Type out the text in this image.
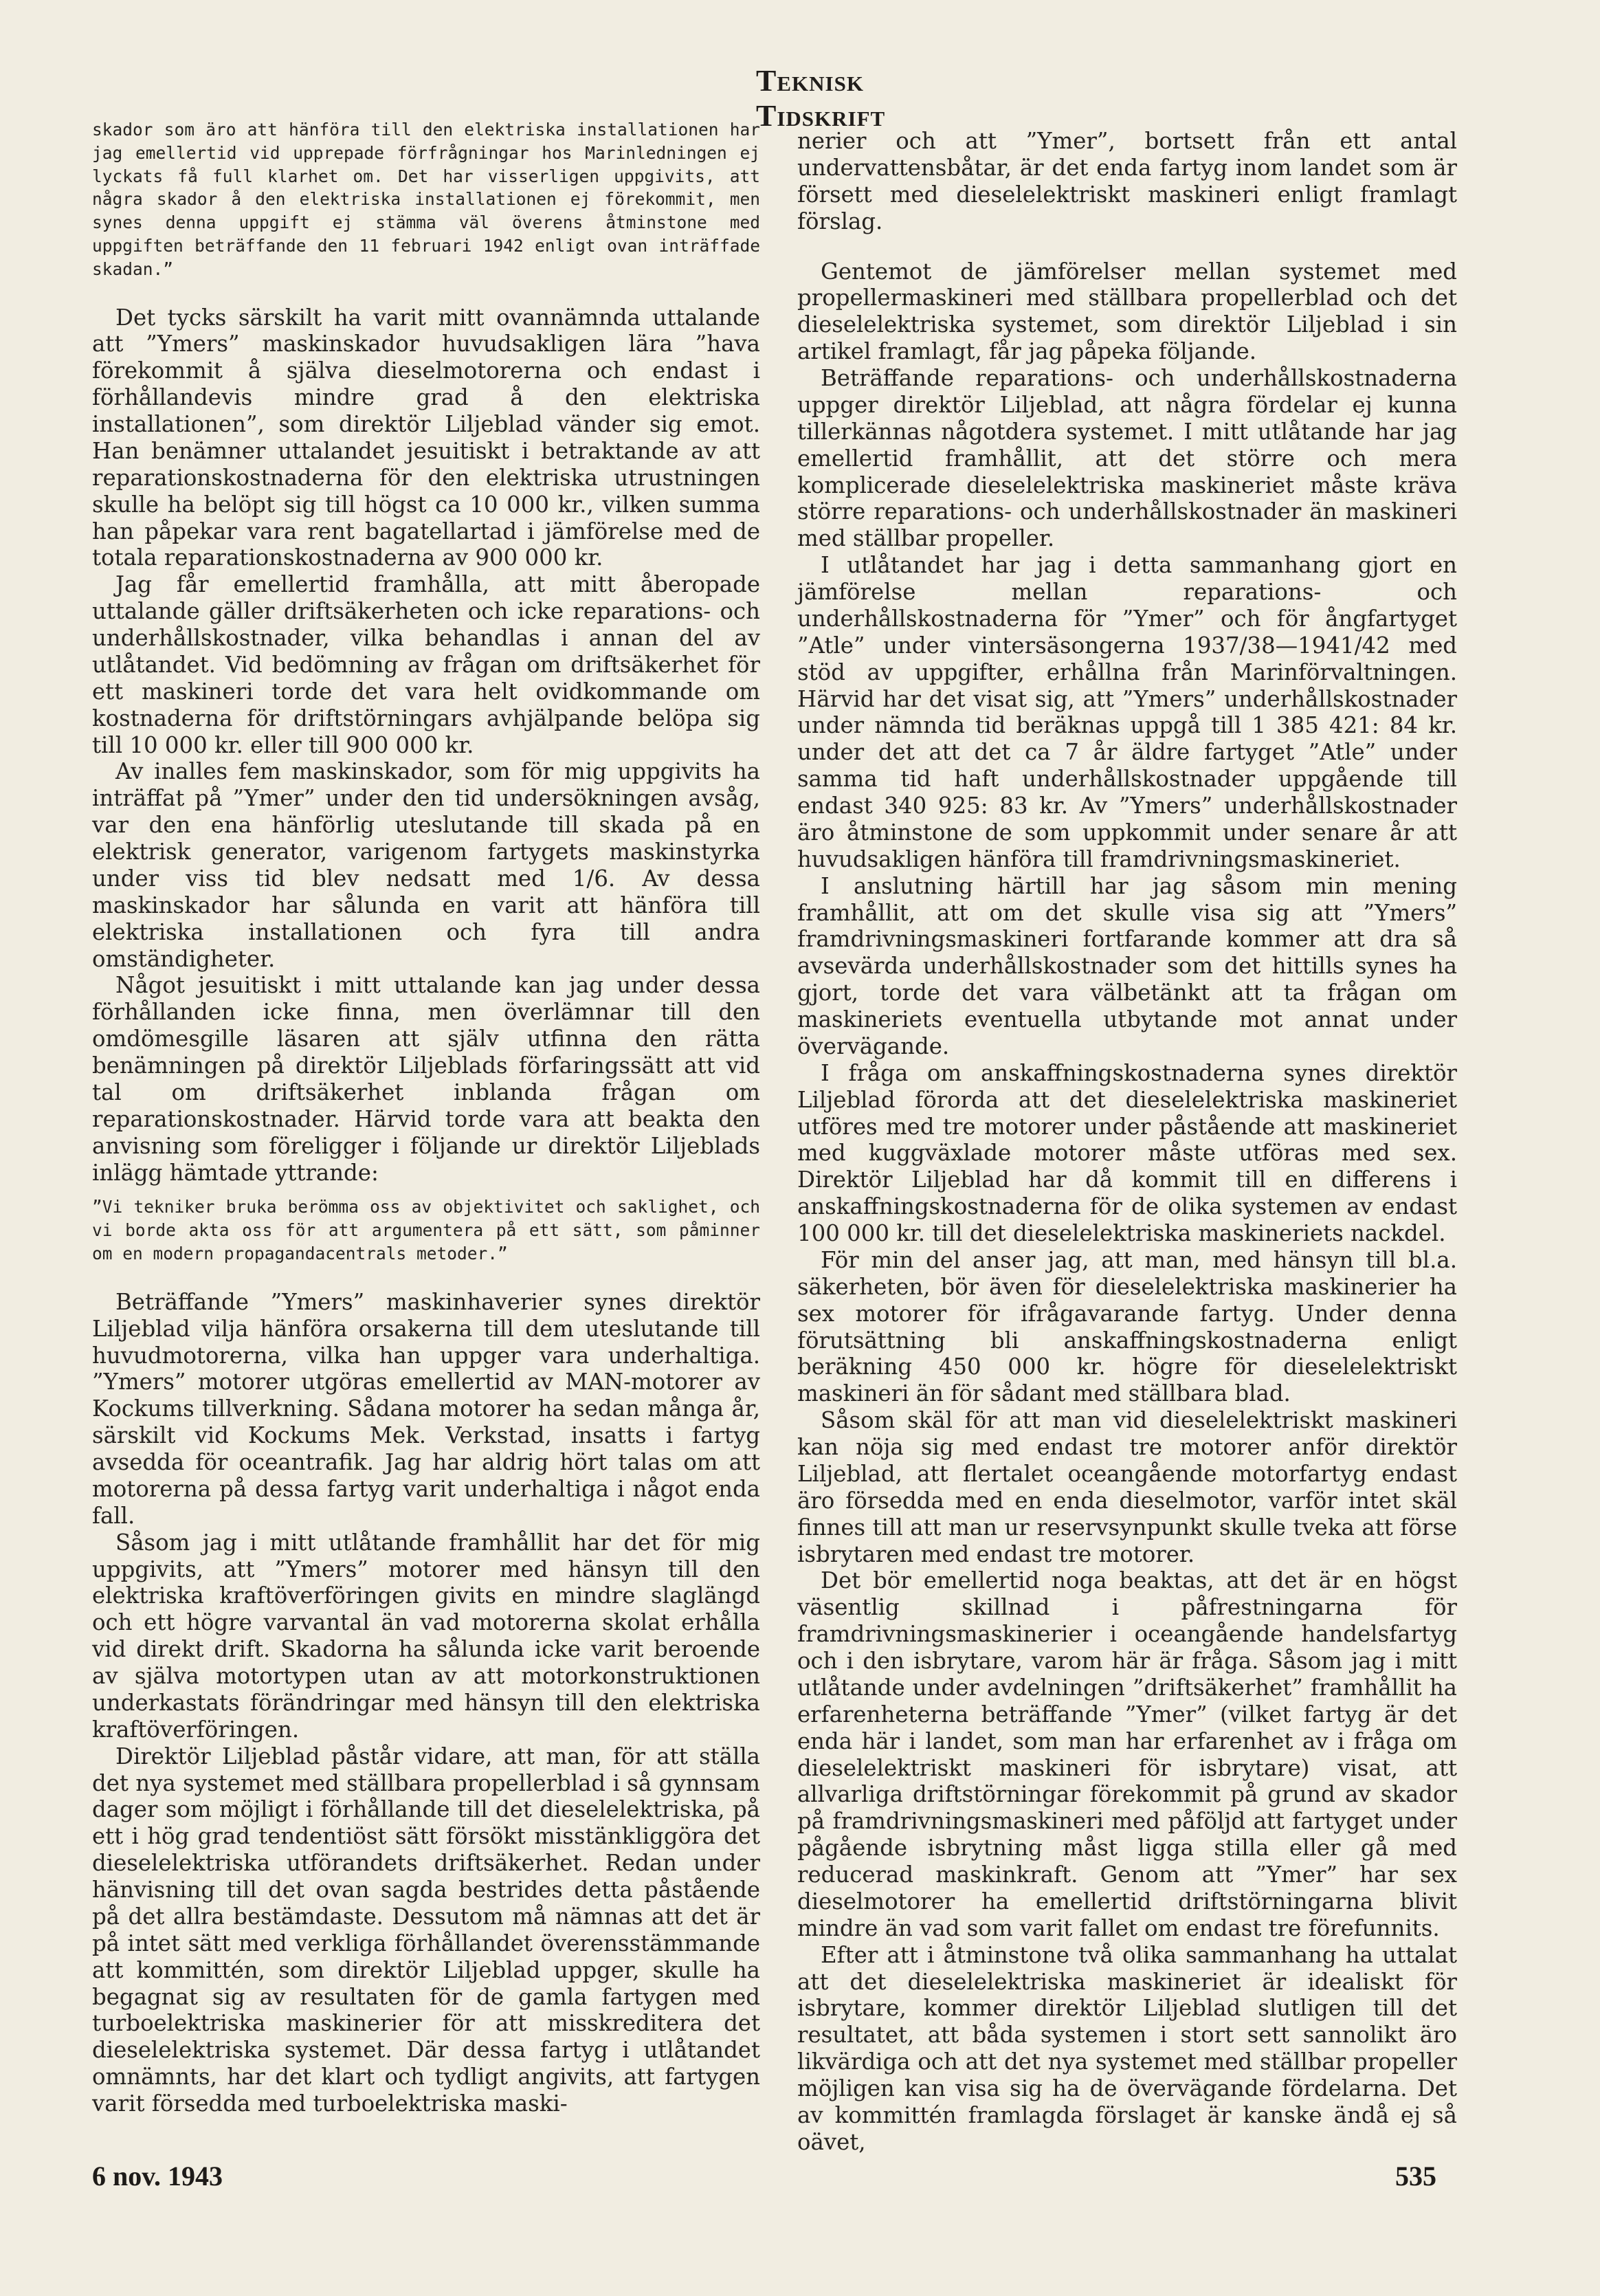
Teknisk Tidskrift

skador som äro att hänföra till den elektriska installationen har jag emellertid vid upprepade förfrågningar hos Marinledningen ej lyckats få full klarhet om. Det har visserligen uppgivits, att några skador å den elektriska installationen ej förekommit, men synes denna uppgift ej stämma väl överens åtminstone med uppgiften beträffande den 11 februari 1942 enligt ovan inträffade skadan.”

Det tycks särskilt ha varit mitt ovannämnda uttalande att ”Ymers” maskinskador huvudsakligen lära ”hava förekommit å själva dieselmotorerna och endast i förhållandevis mindre grad å den elektriska installationen”, som direktör Liljeblad vänder sig emot. Han benämner uttalandet jesuitiskt i betraktande av att reparationskostnaderna för den elektriska utrustningen skulle ha belöpt sig till högst ca 10 000 kr., vilken summa han påpekar vara rent bagatellartad i jämförelse med de totala reparationskostnaderna av 900 000 kr.

Jag får emellertid framhålla, att mitt åberopade uttalande gäller driftsäkerheten och icke reparations- och underhållskostnader, vilka behandlas i annan del av utlåtandet. Vid bedömning av frågan om driftsäkerhet för ett maskineri torde det vara helt ovidkommande om kostnaderna för driftstörningars avhjälpande belöpa sig till 10 000 kr. eller till 900 000 kr.

Av inalles fem maskinskador, som för mig uppgivits ha inträffat på ”Ymer” under den tid undersökningen avsåg, var den ena hänförlig uteslutande till skada på en elektrisk generator, varigenom fartygets maskinstyrka under viss tid blev nedsatt med 1/6. Av dessa maskinskador har sålunda en varit att hänföra till elektriska installationen och fyra till andra omständigheter.

Något jesuitiskt i mitt uttalande kan jag under dessa förhållanden icke finna, men överlämnar till den omdömesgille läsaren att själv utfinna den rätta benämningen på direktör Liljeblads förfaringssätt att vid tal om driftsäkerhet inblanda frågan om reparationskostnader. Härvid torde vara att beakta den anvisning som föreligger i följande ur direktör Liljeblads inlägg hämtade yttrande:

”Vi tekniker bruka berömma oss av objektivitet och saklighet, och vi borde akta oss för att argumentera på ett sätt, som påminner om en modern propagandacentrals metoder.”

Beträffande ”Ymers” maskinhaverier synes direktör Liljeblad vilja hänföra orsakerna till dem uteslutande till huvudmotorerna, vilka han uppger vara underhaltiga. ”Ymers” motorer utgöras emellertid av MAN-motorer av Kockums tillverkning. Sådana motorer ha sedan många år, särskilt vid Kockums Mek. Verkstad, insatts i fartyg avsedda för oceantrafik. Jag har aldrig hört talas om att motorerna på dessa fartyg varit underhaltiga i något enda fall.

Såsom jag i mitt utlåtande framhållit har det för mig uppgivits, att ”Ymers” motorer med hänsyn till den elektriska kraftöverföringen givits en mindre slaglängd och ett högre varvantal än vad motorerna skolat erhålla vid direkt drift. Skadorna ha sålunda icke varit beroende av själva motortypen utan av att motorkonstruktionen underkastats förändringar med hänsyn till den elektriska kraftöverföringen.

Direktör Liljeblad påstår vidare, att man, för att ställa det nya systemet med ställbara propellerblad i så gynnsam dager som möjligt i förhållande till det dieselelektriska, på ett i hög grad tendentiöst sätt försökt misstänkliggöra det dieselelektriska utförandets driftsäkerhet. Redan under hänvisning till det ovan sagda bestrides detta påstående på det allra bestämdaste. Dessutom må nämnas att det är på intet sätt med verkliga förhållandet överensstämmande att kommittén, som direktör Liljeblad uppger, skulle ha begagnat sig av resultaten för de gamla fartygen med turboelektriska maskinerier för att misskreditera det dieselelektriska systemet. Där dessa fartyg i utlåtandet omnämnts, har det klart och tydligt angivits, att fartygen varit försedda med turboelektriska maski-

nerier och att ”Ymer”, bortsett från ett antal undervattensbåtar, är det enda fartyg inom landet som är försett med dieselelektriskt maskineri enligt framlagt förslag.

Gentemot de jämförelser mellan systemet med propellermaskineri med ställbara propellerblad och det dieselelektriska systemet, som direktör Liljeblad i sin artikel framlagt, får jag påpeka följande.

Beträffande reparations- och underhållskostnaderna uppger direktör Liljeblad, att några fördelar ej kunna tillerkännas någotdera systemet. I mitt utlåtande har jag emellertid framhållit, att det större och mera komplicerade dieselelektriska maskineriet måste kräva större reparations- och underhållskostnader än maskineri med ställbar propeller.

I utlåtandet har jag i detta sammanhang gjort en jämförelse mellan reparations- och underhållskostnaderna för ”Ymer” och för ångfartyget ”Atle” under vintersäsongerna 1937/38—1941/42 med stöd av uppgifter, erhållna från Marinförvaltningen. Härvid har det visat sig, att ”Ymers” underhållskostnader under nämnda tid beräknas uppgå till 1 385 421: 84 kr. under det att det ca 7 år äldre fartyget ”Atle” under samma tid haft underhållskostnader uppgående till endast 340 925: 83 kr. Av ”Ymers” underhållskostnader äro åtminstone de som uppkommit under senare år att huvudsakligen hänföra till framdrivningsmaskineriet.

I anslutning härtill har jag såsom min mening framhållit, att om det skulle visa sig att ”Ymers” framdrivningsmaskineri fortfarande kommer att dra så avsevärda underhållskostnader som det hittills synes ha gjort, torde det vara välbetänkt att ta frågan om maskineriets eventuella utbytande mot annat under övervägande.

I fråga om anskaffningskostnaderna synes direktör Liljeblad förorda att det dieselelektriska maskineriet utföres med tre motorer under påstående att maskineriet med kuggväxlade motorer måste utföras med sex. Direktör Liljeblad har då kommit till en differens i anskaffningskostnaderna för de olika systemen av endast 100 000 kr. till det dieselelektriska maskineriets nackdel.

För min del anser jag, att man, med hänsyn till bl.a. säkerheten, bör även för dieselelektriska maskinerier ha sex motorer för ifrågavarande fartyg. Under denna förutsättning bli anskaffningskostnaderna enligt beräkning 450 000 kr. högre för dieselelektriskt maskineri än för sådant med ställbara blad.

Såsom skäl för att man vid dieselelektriskt maskineri kan nöja sig med endast tre motorer anför direktör Liljeblad, att flertalet oceangående motorfartyg endast äro försedda med en enda dieselmotor, varför intet skäl finnes till att man ur reservsynpunkt skulle tveka att förse isbrytaren med endast tre motorer.

Det bör emellertid noga beaktas, att det är en högst väsentlig skillnad i påfrestningarna för framdrivningsmaskinerier i oceangående handelsfartyg och i den isbrytare, varom här är fråga. Såsom jag i mitt utlåtande under avdelningen ”driftsäkerhet” framhållit ha erfarenheterna beträffande ”Ymer” (vilket fartyg är det enda här i landet, som man har erfarenhet av i fråga om dieselelektriskt maskineri för isbrytare) visat, att allvarliga driftstörningar förekommit på grund av skador på framdrivningsmaskineri med påföljd att fartyget under pågående isbrytning måst ligga stilla eller gå med reducerad maskinkraft. Genom att ”Ymer” har sex dieselmotorer ha emellertid driftstörningarna blivit mindre än vad som varit fallet om endast tre förefunnits.

Efter att i åtminstone två olika sammanhang ha uttalat att det dieselelektriska maskineriet är idealiskt för isbrytare, kommer direktör Liljeblad slutligen till det resultatet, att båda systemen i stort sett sannolikt äro likvärdiga och att det nya systemet med ställbar propeller möjligen kan visa sig ha de övervägande fördelarna. Det av kommittén framlagda förslaget är kanske ändå ej så oävet,

6 nov. 1943	535
